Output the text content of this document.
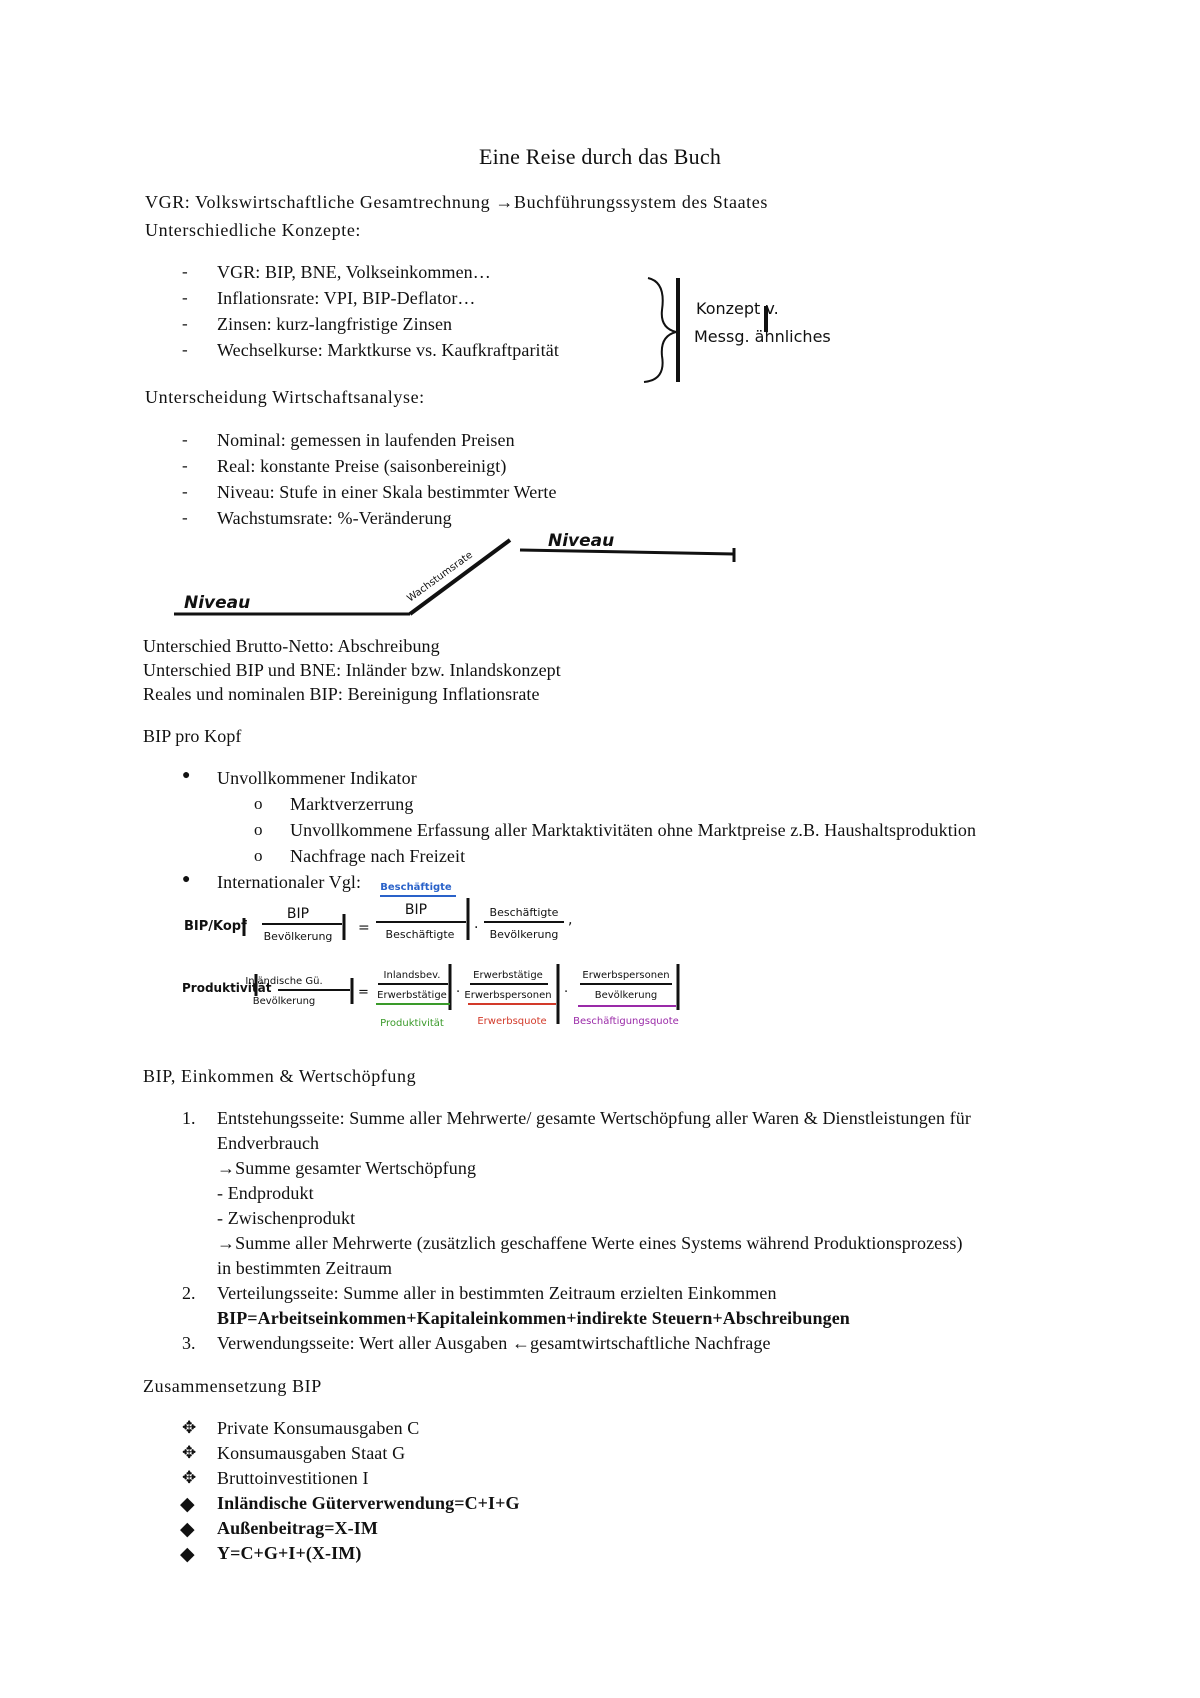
Eine Reise durch das Buch
VGR: Volkswirtschaftliche Gesamtrechnung →Buchführungssystem des Staates
Unterschiedliche Konzepte:
- VGR: BIP, BNE, Volkseinkommen…
- Inflationsrate: VPI, BIP-Deflator…
- Zinsen: kurz-langfristige Zinsen
- Wechselkurse: Marktkurse vs. Kaufkraftparität
Konzept v.
Messg. ähnliches
Unterscheidung Wirtschaftsanalyse:
- Nominal: gemessen in laufenden Preisen
- Real: konstante Preise (saisonbereinigt)
- Niveau: Stufe in einer Skala bestimmter Werte
- Wachstumsrate: %-Veränderung
Niveau	Wachstumsrate
Niveau
Unterschied Brutto-Netto: Abschreibung
Unterschied BIP und BNE: Inländer bzw. Inlandskonzept
Reales und nominalen BIP: Bereinigung Inflationsrate
BIP pro Kopf
● Unvollkommener Indikator
o Marktverzerrung
o Unvollkommene Erfassung aller Marktaktivitäten ohne Marktpreise z.B. Haushaltsproduktion
o Nachfrage nach Freizeit
● Internationaler Vgl:
BIP/Kopf
BIP
Bevölkerung
=
Beschäftigte
BIP
Beschäftigte ·
Beschäftigte
Bevölkerung
,
Produktivität
Inländische Gü.
Bevölkerung
=
Inlandsbev.
Erwerbstätige
Produktivität
·
Erwerbstätige
Erwerbspersonen
Erwerbsquote
·
Erwerbspersonen
Bevölkerung
Beschäftigungsquote
BIP, Einkommen & Wertschöpfung
1. Entstehungsseite: Summe aller Mehrwerte/ gesamte Wertschöpfung aller Waren & Dienstleistungen für
Endverbrauch
→Summe gesamter Wertschöpfung
- Endprodukt
- Zwischenprodukt
→Summe aller Mehrwerte (zusätzlich geschaffene Werte eines Systems während Produktionsprozess)
in bestimmten Zeitraum
2. Verteilungsseite: Summe aller in bestimmten Zeitraum erzielten Einkommen
BIP=Arbeitseinkommen+Kapitaleinkommen+indirekte Steuern+Abschreibungen
3. Verwendungsseite: Wert aller Ausgaben ←gesamtwirtschaftliche Nachfrage
Zusammensetzung BIP
✥ Private Konsumausgaben C
✥ Konsumausgaben Staat G
✥ Bruttoinvestitionen I
◆ Inländische Güterverwendung=C+I+G
◆ Außenbeitrag=X-IM
◆ Y=C+G+I+(X-IM)
